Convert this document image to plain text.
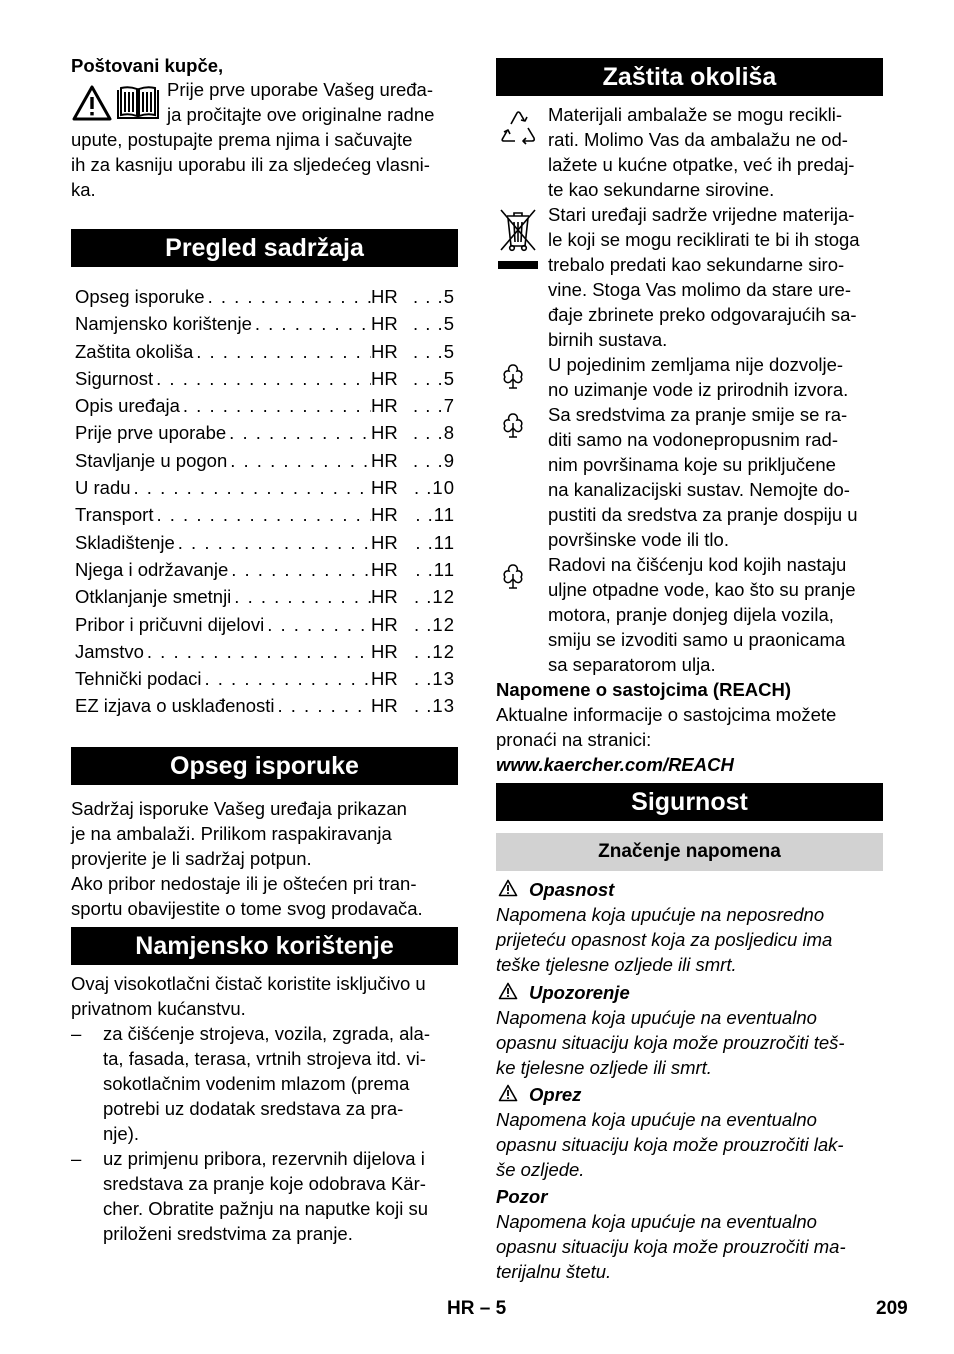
Poštovani kupče,
Prije prve uporabe Vašeg uređa-
ja pročitajte ove originalne radne
upute, postupajte prema njima i sačuvajte
ih za kasniju uporabu ili za sljedećeg vlasni-
ka.
Pregled sadržaja
Opseg isporuke . . .	HR . . .5
Namjensko korištenje . . .	HR . . .5
Zaštita okoliša . . .	HR . . .5
Sigurnost . . .	HR . . .5
Opis uređaja . . .	HR . . .7
Prije prve uporabe . . .	HR . . .8
Stavljanje u pogon . . .	HR . . .9
U radu . . .	HR . .10
Transport . . .	HR . .11
Skladištenje . . .	HR . .11
Njega i održavanje . . .	HR . .11
Otklanjanje smetnji . . .	HR . .12
Pribor i pričuvni dijelovi . . .	HR . .12
Jamstvo . . .	HR . .12
Tehnički podaci . . .	HR . .13
EZ izjava o usklađenosti . . .	HR . .13
Opseg isporuke
Sadržaj isporuke Vašeg uređaja prikazan
je na ambalaži. Prilikom raspakiravanja
provjerite je li sadržaj potpun.
Ako pribor nedostaje ili je oštećen pri tran-
sportu obavijestite o tome svog prodavača.
Namjensko korištenje
Ovaj visokotlačni čistač koristite isključivo u
privatnom kućanstvu.
– za čišćenje strojeva, vozila, zgrada, ala-
ta, fasada, terasa, vrtnih strojeva itd. vi-
sokotlačnim vodenim mlazom (prema
potrebi uz dodatak sredstava za pra-
nje).
– uz primjenu pribora, rezervnih dijelova i
sredstava za pranje koje odobrava Kär-
cher. Obratite pažnju na naputke koji su
priloženi sredstvima za pranje.
Zaštita okoliša
Materijali ambalaže se mogu recikli-
rati. Molimo Vas da ambalažu ne od-
lažete u kućne otpatke, već ih predaj-
te kao sekundarne sirovine.
Stari uređaji sadrže vrijedne materija-
le koji se mogu reciklirati te bi ih stoga
trebalo predati kao sekundarne siro-
vine. Stoga Vas molimo da stare ure-
đaje zbrinete preko odgovarajućih sa-
birnih sustava.
U pojedinim zemljama nije dozvolje-
no uzimanje vode iz prirodnih izvora.
Sa sredstvima za pranje smije se ra-
diti samo na vodonepropusnim rad-
nim površinama koje su priključene
na kanalizacijski sustav. Nemojte do-
pustiti da sredstva za pranje dospiju u
površinske vode ili tlo.
Radovi na čišćenju kod kojih nastaju
uljne otpadne vode, kao što su pranje
motora, pranje donjeg dijela vozila,
smiju se izvoditi samo u praonicama
sa separatorom ulja.
Napomene o sastojcima (REACH)
Aktualne informacije o sastojcima možete
pronaći na stranici:
www.kaercher.com/REACH
Sigurnost
Značenje napomena
Opasnost
Napomena koja upućuje na neposredno
prijeteću opasnost koja za posljedicu ima
teške tjelesne ozljede ili smrt.
Upozorenje
Napomena koja upućuje na eventualno
opasnu situaciju koja može prouzročiti teš-
ke tjelesne ozljede ili smrt.
Oprez
Napomena koja upućuje na eventualno
opasnu situaciju koja može prouzročiti lak-
še ozljede.
Pozor
Napomena koja upućuje na eventualno
opasnu situaciju koja može prouzročiti ma-
terijalnu štetu.
HR – 5	209
